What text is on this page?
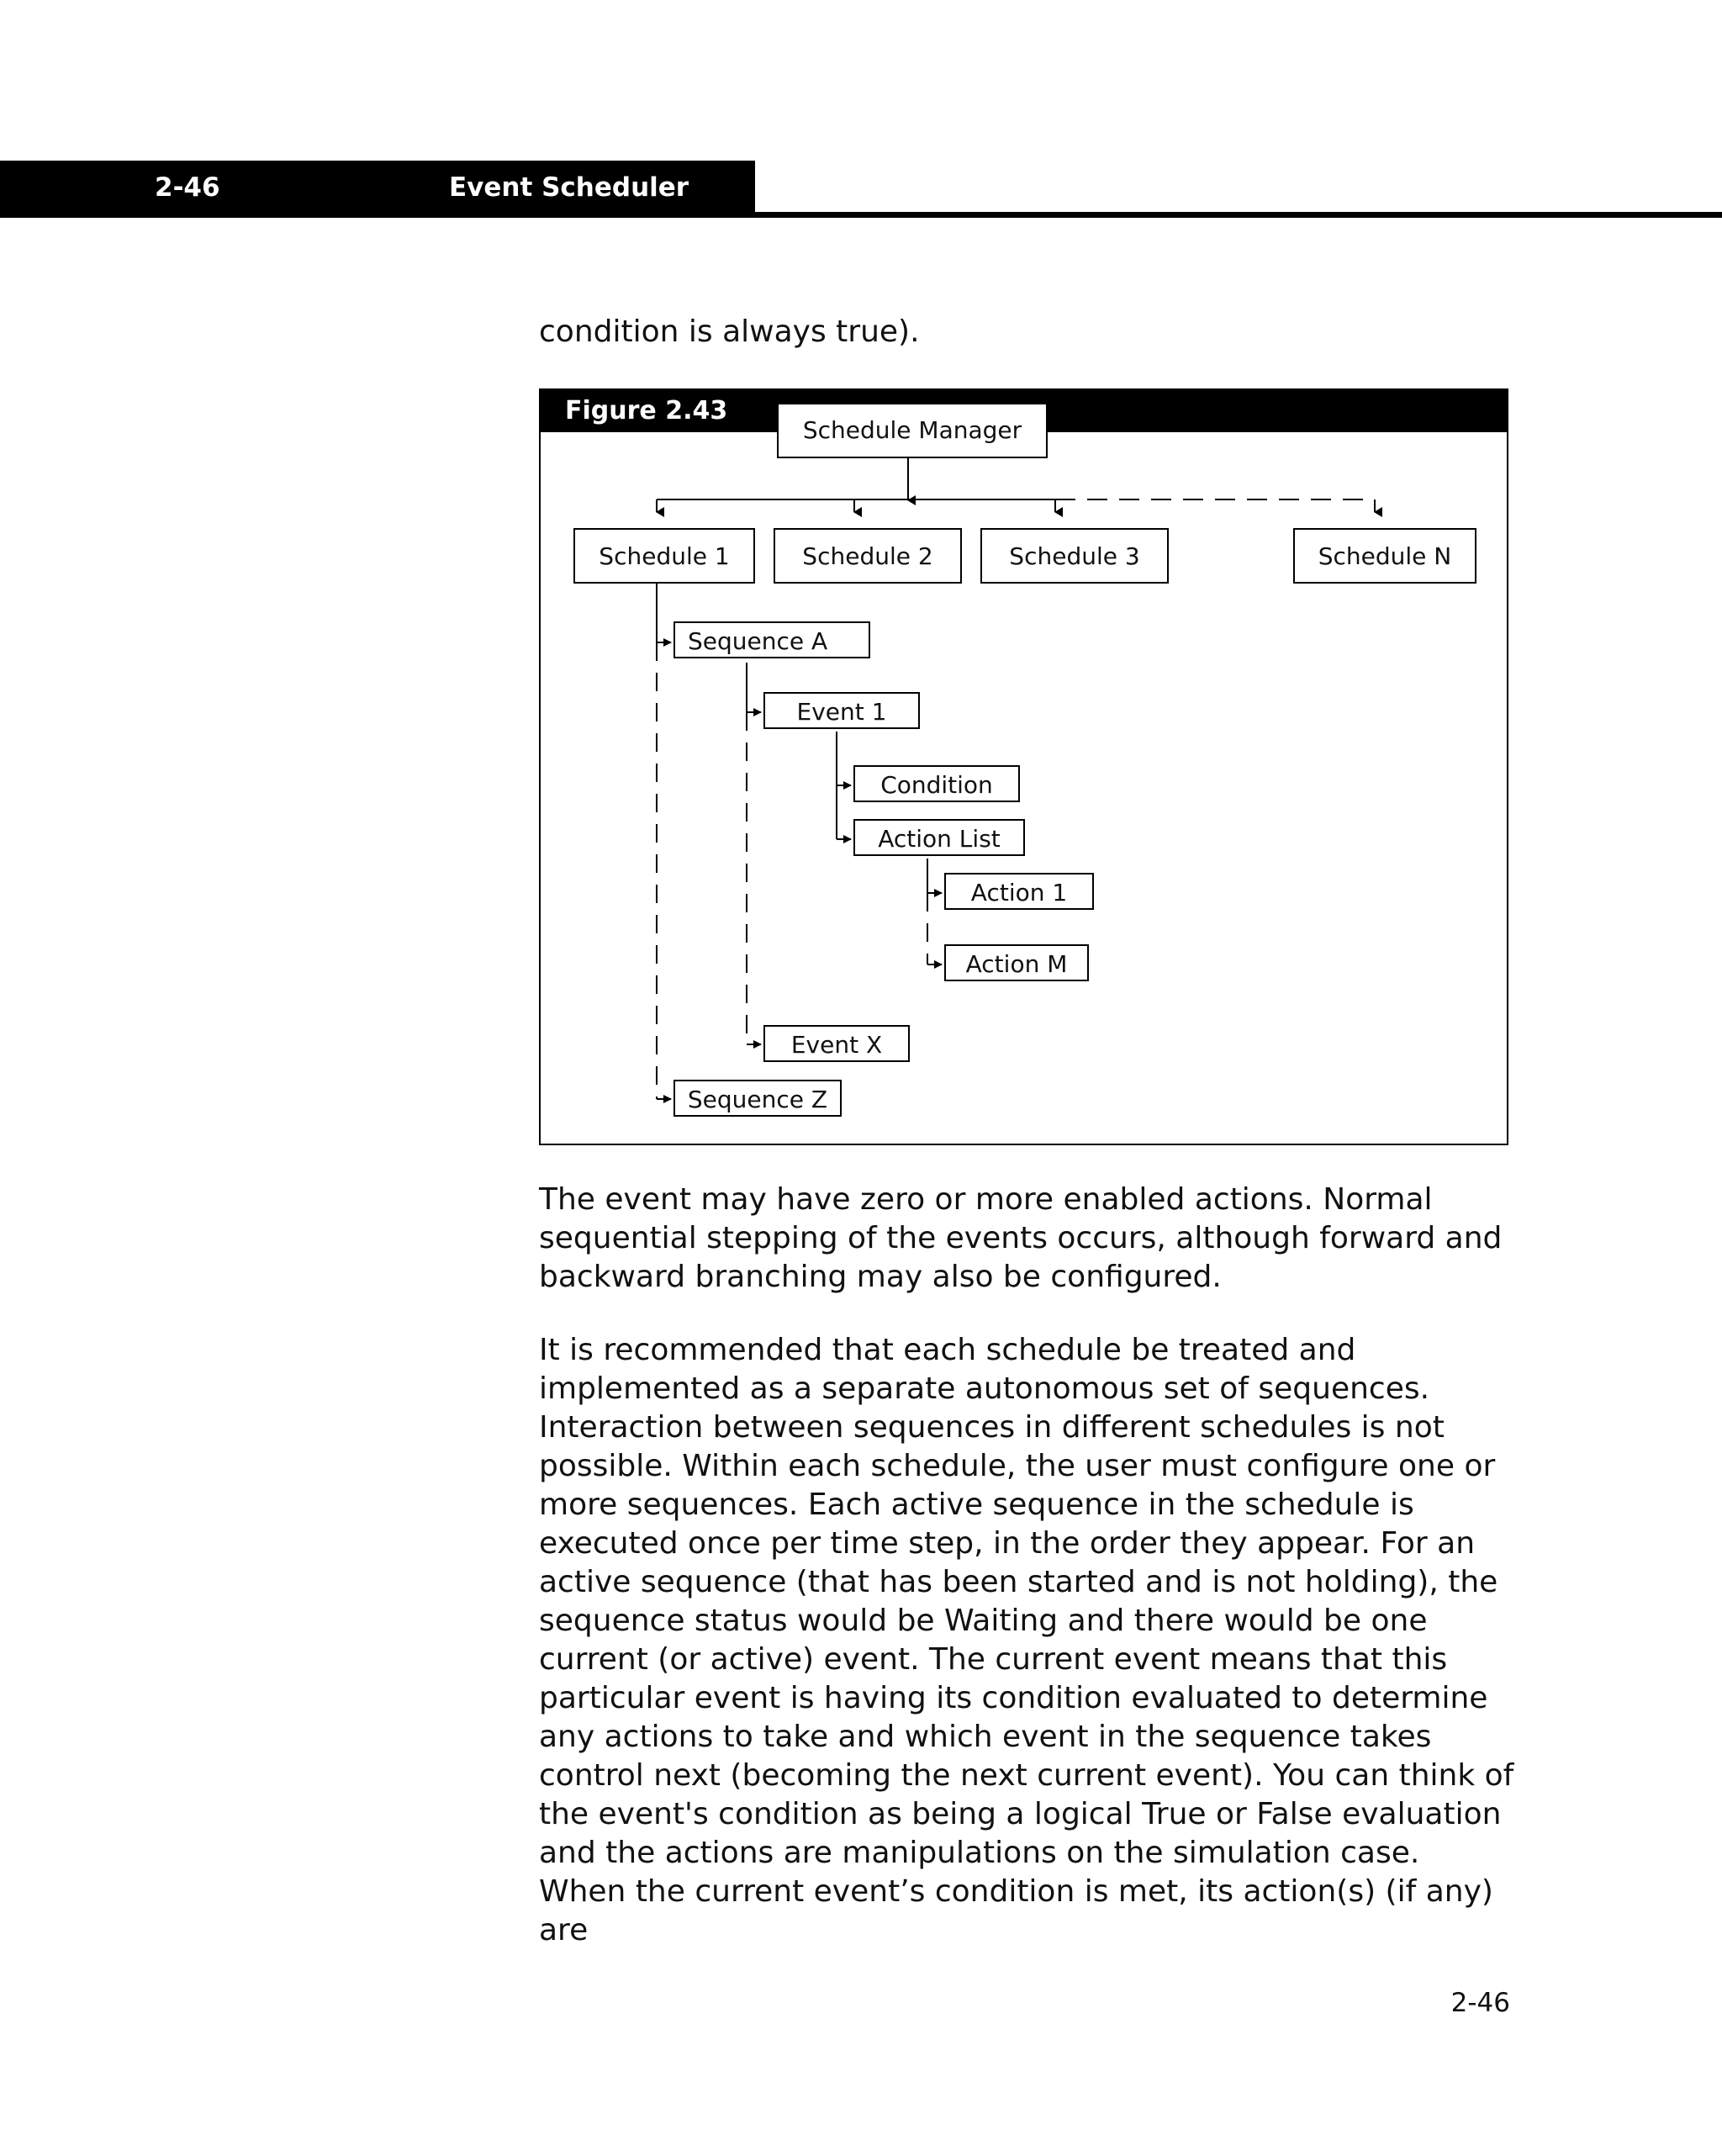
2-46	Event Scheduler

condition is always true).

Figure 2.43
Schedule Manager
Schedule 1	Schedule 2	Schedule 3	Schedule N
Sequence A
Event 1
Condition
Action List
Action 1
Action M
Event X
Sequence Z

The event may have zero or more enabled actions. Normal sequential stepping of the events occurs, although forward and backward branching may also be configured.

It is recommended that each schedule be treated and implemented as a separate autonomous set of sequences. Interaction between sequences in different schedules is not possible. Within each schedule, the user must configure one or more sequences. Each active sequence in the schedule is executed once per time step, in the order they appear. For an active sequence (that has been started and is not holding), the sequence status would be Waiting and there would be one current (or active) event. The current event means that this particular event is having its condition evaluated to determine any actions to take and which event in the sequence takes control next (becoming the next current event). You can think of the event's condition as being a logical True or False evaluation and the actions are manipulations on the simulation case. When the current event’s condition is met, its action(s) (if any) are

2-46
